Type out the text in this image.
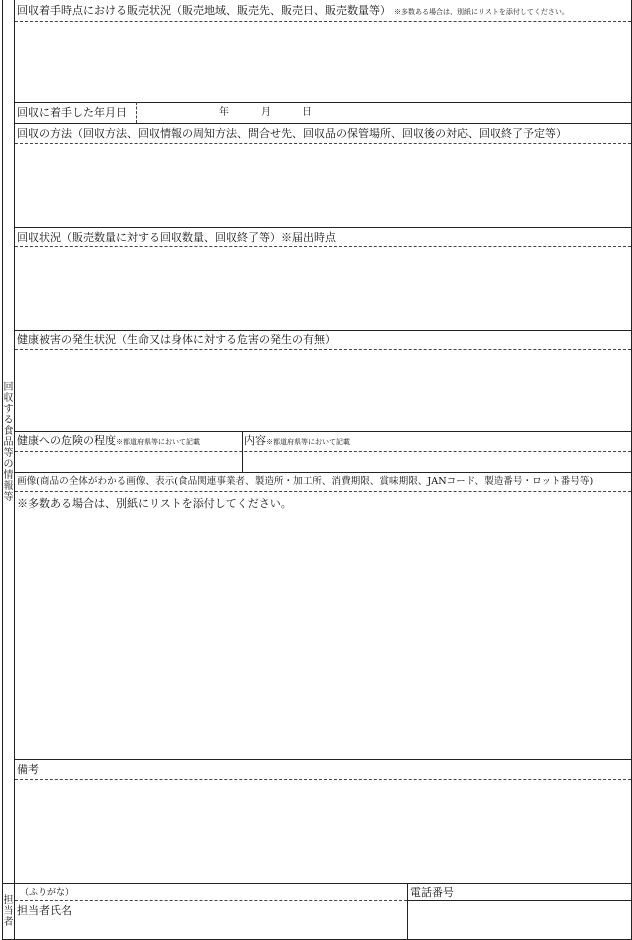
回収着手時点における販売状況（販売地域、販売先、販売日、販売数量等） ※多数ある場合は、別紙にリストを添付してください。
回収に着手した年月日	年	月	日
回収の方法（回収方法、回収情報の周知方法、問合せ先、回収品の保管場所、回収後の対応、回収終了予定等）
回収状況（販売数量に対する回収数量、回収終了等）※届出時点
健康被害の発生状況（生命又は身体に対する危害の発生の有無）
健康への危険の程度※都道府県等において記載	内容※都道府県等において記載
画像(商品の全体がわかる画像、表示(食品関連事業者、製造所・加工所、消費期限、賞味期限、JANコード、製造番号・ロット番号等)
※多数ある場合は、別紙にリストを添付してください。
備考
回収する食品等の情報等
担当者
（ふりがな）
担当者氏名
電話番号
